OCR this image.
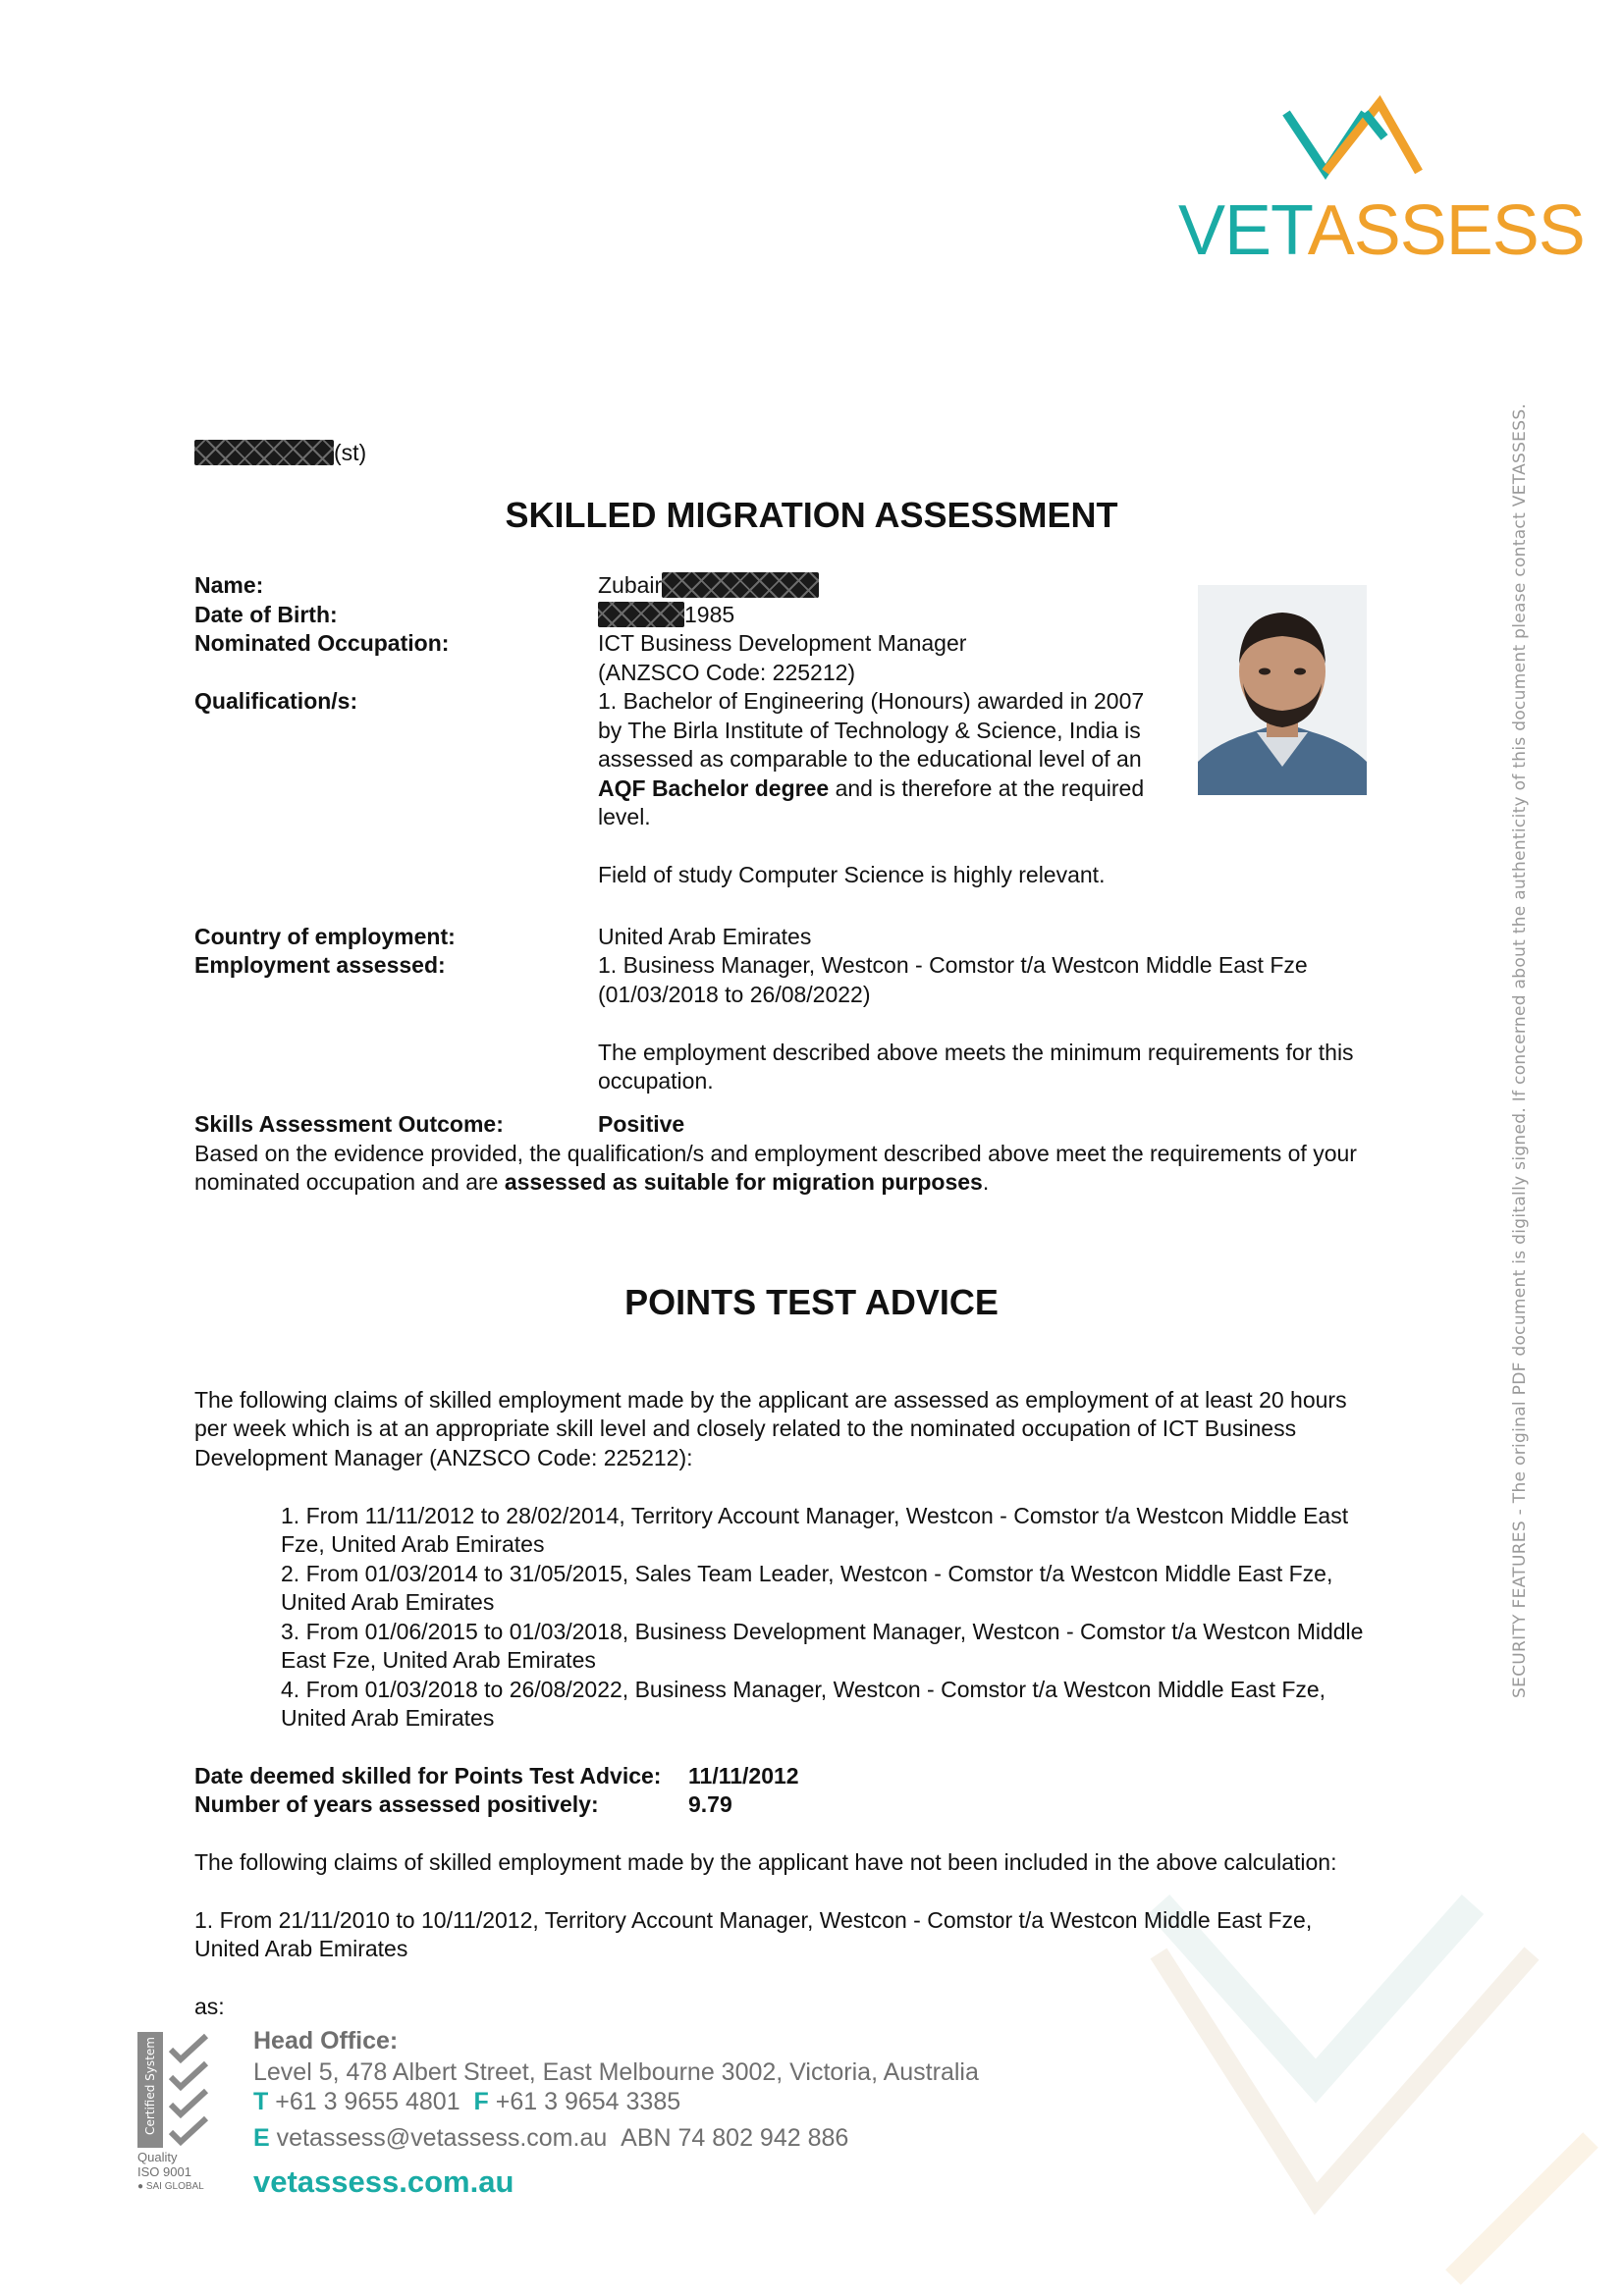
VETASSESS
SECURITY FEATURES - The original PDF document is digitally signed. If concerned about the authenticity of this document please contact VETASSESS.
(st)
SKILLED MIGRATION ASSESSMENT
Name:
Date of Birth:
Nominated Occupation:
Qualification/s:
Zubair
1985
ICT Business Development Manager
(ANZSCO Code: 225212)
1. Bachelor of Engineering (Honours) awarded in 2007
by The Birla Institute of Technology & Science, India is
assessed as comparable to the educational level of an
AQF Bachelor degree and is therefore at the required
level.
Field of study Computer Science is highly relevant.
Country of employment:
Employment assessed:
United Arab Emirates
1. Business Manager, Westcon - Comstor t/a Westcon Middle East Fze
(01/03/2018 to 26/08/2022)
The employment described above meets the minimum requirements for this
occupation.
Skills Assessment Outcome:	Positive
Based on the evidence provided, the qualification/s and employment described above meet the requirements of your
nominated occupation and are assessed as suitable for migration purposes.
POINTS TEST ADVICE
The following claims of skilled employment made by the applicant are assessed as employment of at least 20 hours
per week which is at an appropriate skill level and closely related to the nominated occupation of ICT Business
Development Manager (ANZSCO Code: 225212):
1. From 11/11/2012 to 28/02/2014, Territory Account Manager, Westcon - Comstor t/a Westcon Middle East
Fze, United Arab Emirates
2. From 01/03/2014 to 31/05/2015, Sales Team Leader, Westcon - Comstor t/a Westcon Middle East Fze,
United Arab Emirates
3. From 01/06/2015 to 01/03/2018, Business Development Manager, Westcon - Comstor t/a Westcon Middle
East Fze, United Arab Emirates
4. From 01/03/2018 to 26/08/2022, Business Manager, Westcon - Comstor t/a Westcon Middle East Fze,
United Arab Emirates
Date deemed skilled for Points Test Advice: 11/11/2012
Number of years assessed positively:	9.79
The following claims of skilled employment made by the applicant have not been included in the above calculation:
1. From 21/11/2010 to 10/11/2012, Territory Account Manager, Westcon - Comstor t/a Westcon Middle East Fze,
United Arab Emirates
as:
Certified System
Quality
ISO 9001
● SAI GLOBAL
Head Office:
Level 5, 478 Albert Street, East Melbourne 3002, Victoria, Australia
T +61 3 9655 4801 F +61 3 9654 3385
E vetassess@vetassess.com.au ABN 74 802 942 886
vetassess.com.au
